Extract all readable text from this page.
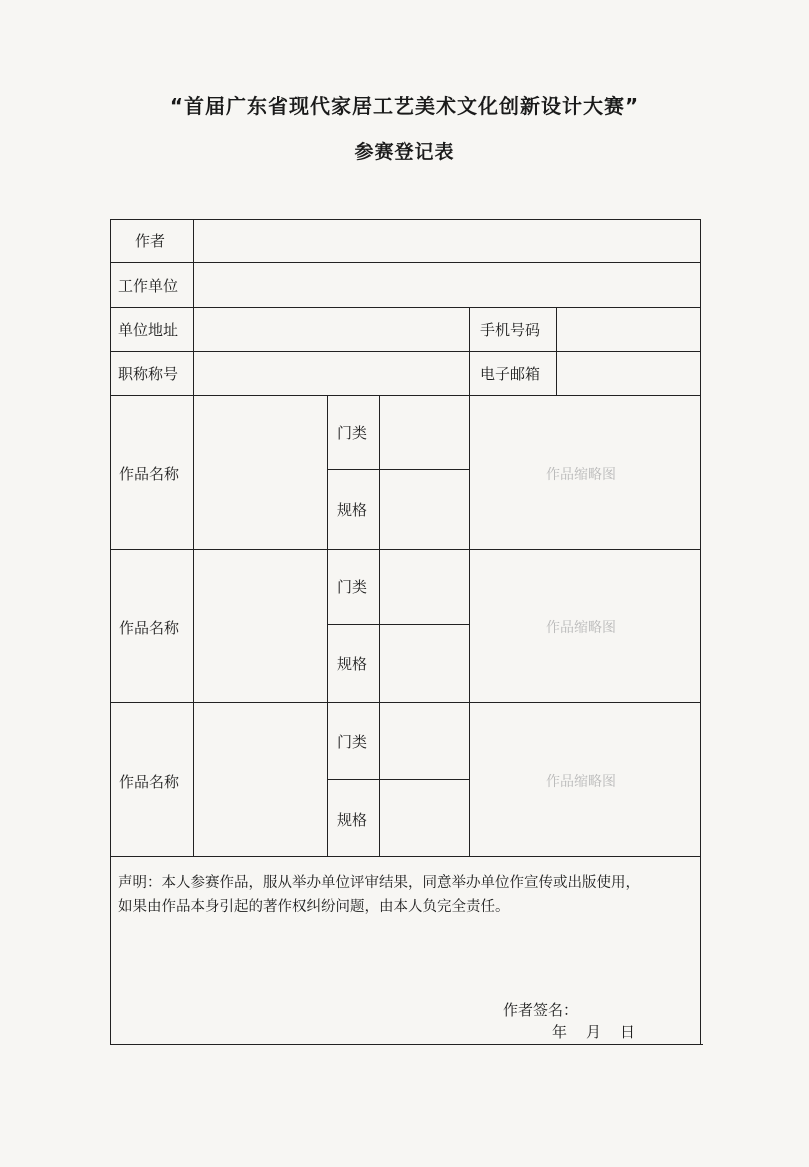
“首届广东省现代家居工艺美术文化创新设计大赛”
参赛登记表
作者
工作单位
单位地址	手机号码
职称称号	电子邮箱
作品名称
门类
规格
作品缩略图
作品名称
门类
规格
作品缩略图
作品名称
门类
规格
作品缩略图
声明：本人参赛作品，服从举办单位评审结果，同意举办单位作宣传或出版使用，
如果由作品本身引起的著作权纠纷问题，由本人负完全责任。
作者签名：
年　月　日
